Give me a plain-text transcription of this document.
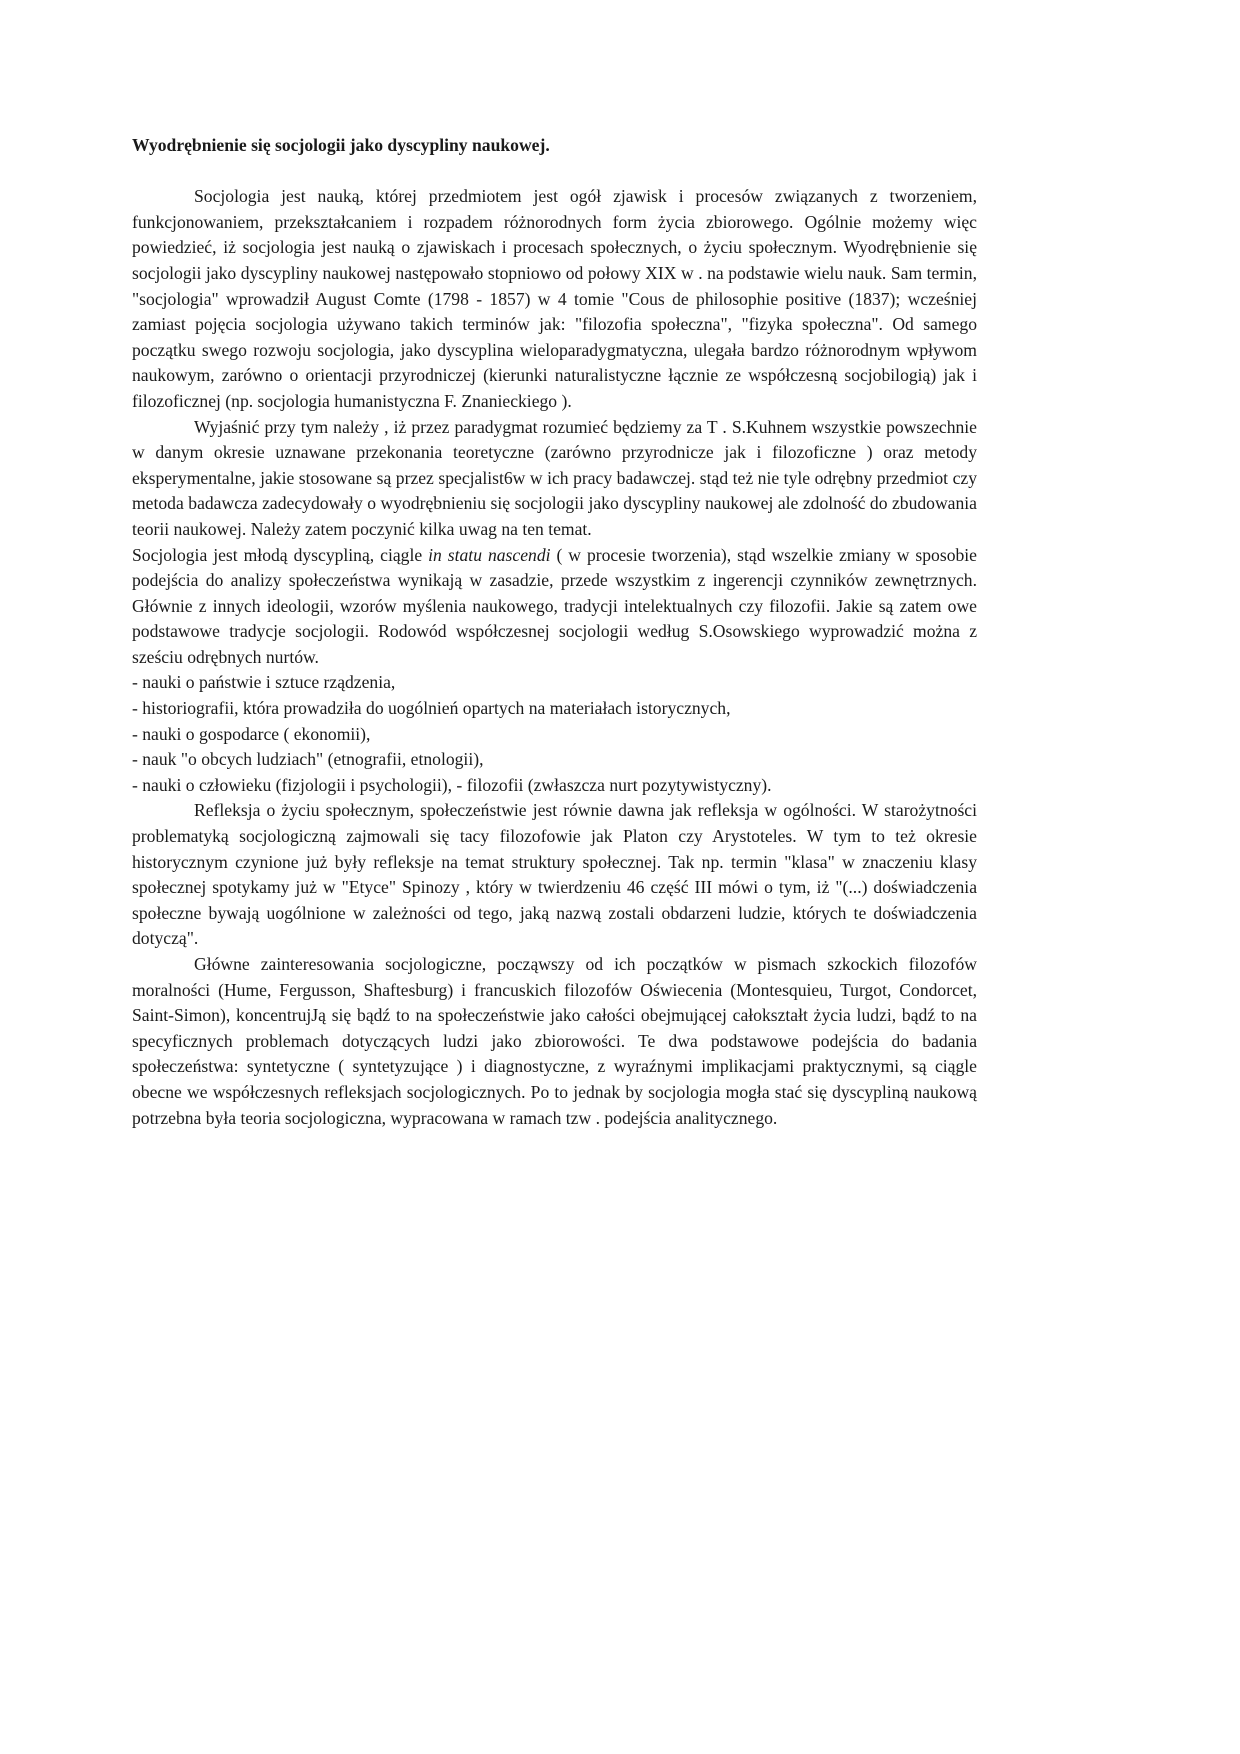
Wyodrębnienie się socjologii jako dyscypliny naukowej.

Socjologia jest nauką, której przedmiotem jest ogół zjawisk i procesów związanych z tworzeniem, funkcjonowaniem, przekształcaniem i rozpadem różnorodnych form życia zbiorowego. Ogólnie możemy więc powiedzieć, iż socjologia jest nauką o zjawiskach i procesach społecznych, o życiu społecznym. Wyodrębnienie się socjologii jako dyscypliny naukowej następowało stopniowo od połowy XIX w . na podstawie wielu nauk. Sam termin, "socjologia" wprowadził August Comte (1798 - 1857) w 4 tomie "Cous de philosophie positive (1837); wcześniej zamiast pojęcia socjologia używano takich terminów jak: "filozofia społeczna", "fizyka społeczna". Od samego początku swego rozwoju socjologia, jako dyscyplina wieloparadygmatyczna, ulegała bardzo różnorodnym wpływom naukowym, zarówno o orientacji przyrodniczej (kierunki naturalistyczne łącznie ze współczesną socjobilogią) jak i filozoficznej (np. socjologia humanistyczna F. Znanieckiego ).

Wyjaśnić przy tym należy , iż przez paradygmat rozumieć będziemy za T . S.Kuhnem wszystkie powszechnie w danym okresie uznawane przekonania teoretyczne (zarówno przyrodnicze jak i filozoficzne ) oraz metody eksperymentalne, jakie stosowane są przez specjalist6w w ich pracy badawczej. stąd też nie tyle odrębny przedmiot czy metoda badawcza zadecydowały o wyodrębnieniu się socjologii jako dyscypliny naukowej ale zdolność do zbudowania teorii naukowej. Należy zatem poczynić kilka uwag na ten temat.

Socjologia jest młodą dyscypliną, ciągle in statu nascendi ( w procesie tworzenia), stąd wszelkie zmiany w sposobie podejścia do analizy społeczeństwa wynikają w zasadzie, przede wszystkim z ingerencji czynników zewnętrznych. Głównie z innych ideologii, wzorów myślenia naukowego, tradycji intelektualnych czy filozofii. Jakie są zatem owe podstawowe tradycje socjologii. Rodowód współczesnej socjologii według S.Osowskiego wyprowadzić można z sześciu odrębnych nurtów.

- nauki o państwie i sztuce rządzenia,

- historiografii, która prowadziła do uogólnień opartych na materiałach istorycznych,

- nauki o gospodarce ( ekonomii),

- nauk "o obcych ludziach" (etnografii, etnologii),

- nauki o człowieku (fizjologii i psychologii), - filozofii (zwłaszcza nurt pozytywistyczny).

Refleksja o życiu społecznym, społeczeństwie jest równie dawna jak refleksja w ogólności. W starożytności problematyką socjologiczną zajmowali się tacy filozofowie jak Platon czy Arystoteles. W tym to też okresie historycznym czynione już były refleksje na temat struktury społecznej. Tak np. termin "klasa" w znaczeniu klasy społecznej spotykamy już w "Etyce" Spinozy , który w twierdzeniu 46 część III mówi o tym, iż "(...) doświadczenia społeczne bywają uogólnione w zależności od tego, jaką nazwą zostali obdarzeni ludzie, których te doświadczenia dotyczą".

Główne zainteresowania socjologiczne, począwszy od ich początków w pismach szkockich filozofów moralności (Hume, Fergusson, Shaftesburg) i francuskich filozofów Oświecenia (Montesquieu, Turgot, Condorcet, Saint-Simon), koncentrujJą się bądź to na społeczeństwie jako całości obejmującej całokształt życia ludzi, bądź to na specyficznych problemach dotyczących ludzi jako zbiorowości. Te dwa podstawowe podejścia do badania społeczeństwa: syntetyczne ( syntetyzujące ) i diagnostyczne, z wyraźnymi implikacjami praktycznymi, są ciągle obecne we współczesnych refleksjach socjologicznych. Po to jednak by socjologia mogła stać się dyscypliną naukową potrzebna była teoria socjologiczna, wypracowana w ramach tzw . podejścia analitycznego.
